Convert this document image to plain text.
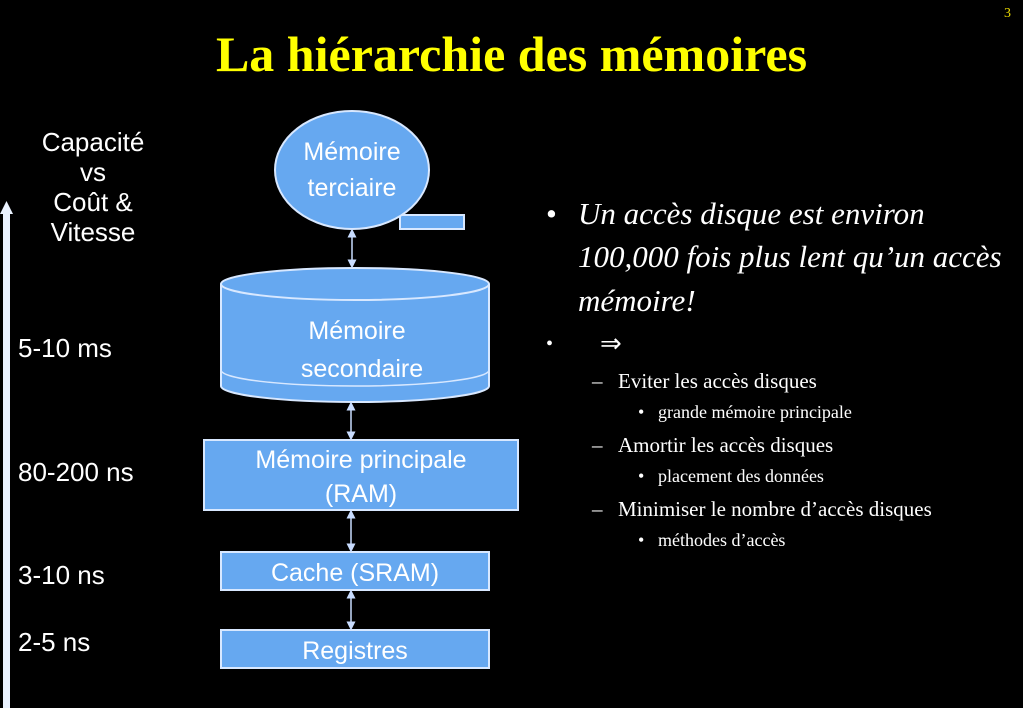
3
La hiérarchie des mémoires
Capacité
vs
Coût &
Vitesse
5-10 ms
80-200 ns
3-10 ns
2-5 ns
Mémoire
terciaire
Mémoire
secondaire
Mémoire principale
(RAM)
Cache (SRAM)
Registres
• Un accès disque est environ 100,000 fois plus lent qu’un accès mémoire!
• ⇒
– Eviter les accès disques
• grande mémoire principale
– Amortir les accès disques
• placement des données
– Minimiser le nombre d’accès disques
• méthodes d’accès
